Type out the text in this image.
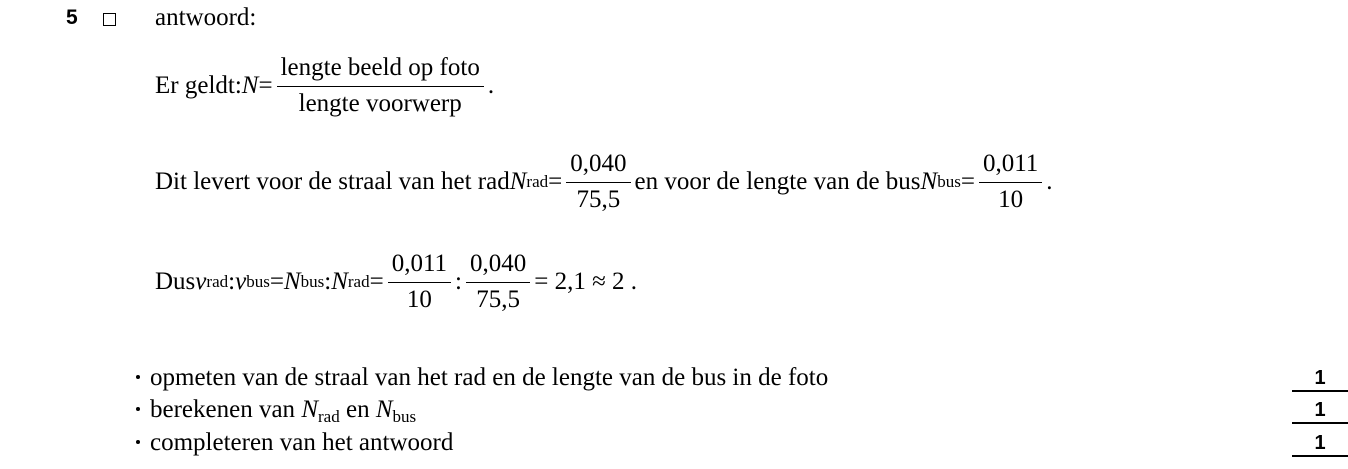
5	antwoord:
Er geldt: $N = \frac{\text{lengte beeld op foto}}{\text{lengte voorwerp}}$ .
Dit levert voor de straal van het rad N rad = $\frac{0,040}{75,5}$ en voor de lengte van de bus N bus = $\frac{0,011}{10}$ .
Dus v rad : v bus = N bus : N rad = $\frac{0,011}{10}$ : $\frac{0,040}{75,5} = 2,1 \approx 2$ .
opmeten van de straal van het rad en de lengte van de bus in de foto	1
berekenen van $N_{rad}$ en $N_{bus}$	1
completeren van het antwoord	1
